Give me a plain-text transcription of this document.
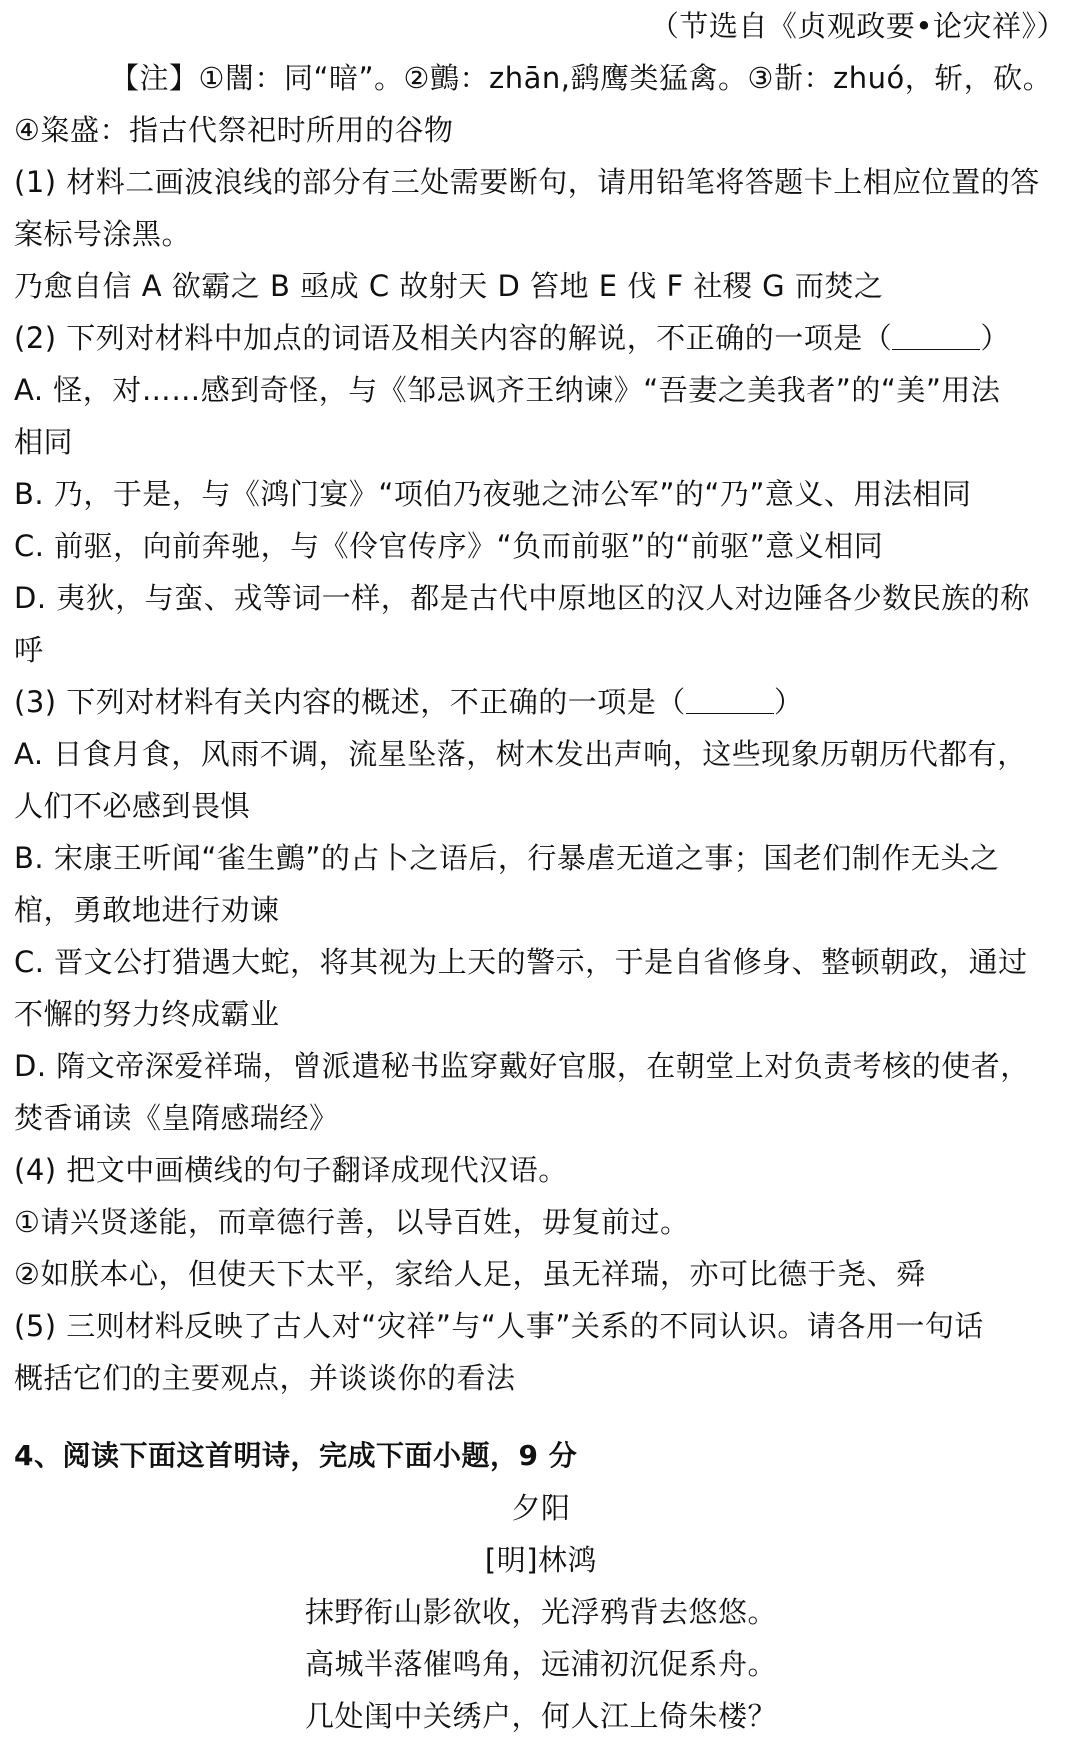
（节选自《贞观政要•论灾祥》）
【注】①闇：同“暗”。②鸇：zhān,鹞鹰类猛禽。③斮：zhuó，斩，砍。
④粢盛：指古代祭祀时所用的谷物
(1) 材料二画波浪线的部分有三处需要断句，请用铅笔将答题卡上相应位置的答
案标号涂黑。
乃愈自信 A 欲霸之 B 亟成 C 故射天 D 笞地 E 伐 F 社稷 G 而焚之
(2) 下列对材料中加点的词语及相关内容的解说，不正确的一项是（	）
A. 怪，对……感到奇怪，与《邹忌讽齐王纳谏》“吾妻之美我者”的“美”用法
相同
B. 乃，于是，与《鸿门宴》“项伯乃夜驰之沛公军”的“乃”意义、用法相同
C. 前驱，向前奔驰，与《伶官传序》“负而前驱”的“前驱”意义相同
D. 夷狄，与蛮、戎等词一样，都是古代中原地区的汉人对边陲各少数民族的称
呼
(3) 下列对材料有关内容的概述，不正确的一项是（	）
A. 日食月食，风雨不调，流星坠落，树木发出声响，这些现象历朝历代都有，
人们不必感到畏惧
B. 宋康王听闻“雀生鸇”的占卜之语后，行暴虐无道之事；国老们制作无头之
棺，勇敢地进行劝谏
C. 晋文公打猎遇大蛇，将其视为上天的警示，于是自省修身、整顿朝政，通过
不懈的努力终成霸业
D. 隋文帝深爱祥瑞，曾派遣秘书监穿戴好官服，在朝堂上对负责考核的使者，
焚香诵读《皇隋感瑞经》
(4) 把文中画横线的句子翻译成现代汉语。
①请兴贤遂能，而章德行善，以导百姓，毋复前过。
②如朕本心，但使天下太平，家给人足，虽无祥瑞，亦可比德于尧、舜
(5) 三则材料反映了古人对“灾祥”与“人事”关系的不同认识。请各用一句话
概括它们的主要观点，并谈谈你的看法
4、阅读下面这首明诗，完成下面小题，9 分
夕阳
[明]林鸿
抹野衔山影欲收，光浮鸦背去悠悠。
高城半落催鸣角，远浦初沉促系舟。
几处闺中关绣户，何人江上倚朱楼？
